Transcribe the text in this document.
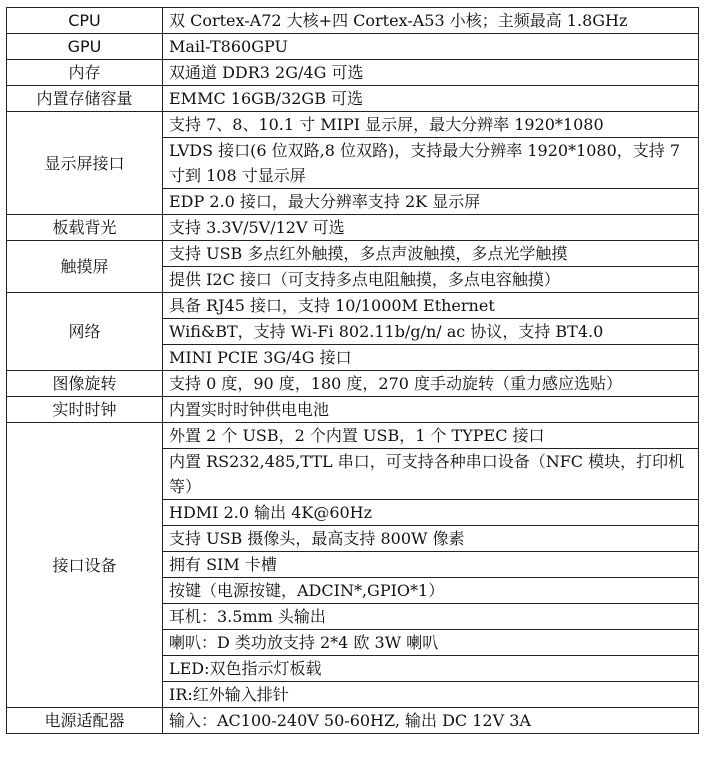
CPU	双 Cortex-A72 大核+四 Cortex-A53 小核；主频最高 1.8GHz
GPU	Mail-T860GPU
内存	双通道 DDR3 2G/4G 可选
内置存储容量	EMMC 16GB/32GB 可选
显示屏接口	支持 7、8、10.1 寸 MIPI 显示屏，最大分辨率 1920*1080
	LVDS 接口(6 位双路,8 位双路)，支持最大分辨率 1920*1080，支持 7 寸到 108 寸显示屏
	EDP 2.0 接口，最大分辨率支持 2K 显示屏
板载背光	支持 3.3V/5V/12V 可选
触摸屏	支持 USB 多点红外触摸，多点声波触摸，多点光学触摸
	提供 I2C 接口（可支持多点电阻触摸，多点电容触摸）
网络	具备 RJ45 接口，支持 10/1000M Ethernet
	Wifi&BT，支持 Wi-Fi 802.11b/g/n/ ac 协议，支持 BT4.0
	MINI PCIE 3G/4G 接口
图像旋转	支持 0 度，90 度，180 度，270 度手动旋转（重力感应选贴）
实时时钟	内置实时时钟供电电池
接口设备	外置 2 个 USB，2 个内置 USB，1 个 TYPEC 接口
	内置 RS232,485,TTL 串口，可支持各种串口设备（NFC 模块，打印机等）
	HDMI 2.0 输出 4K@60Hz
	支持 USB 摄像头，最高支持 800W 像素
	拥有 SIM 卡槽
	按键（电源按键，ADCIN*,GPIO*1）
	耳机：3.5mm 头输出
	喇叭：D 类功放支持 2*4 欧 3W 喇叭
	LED:双色指示灯板载
	IR:红外输入排针
电源适配器	输入：AC100-240V 50-60HZ, 输出 DC 12V 3A
